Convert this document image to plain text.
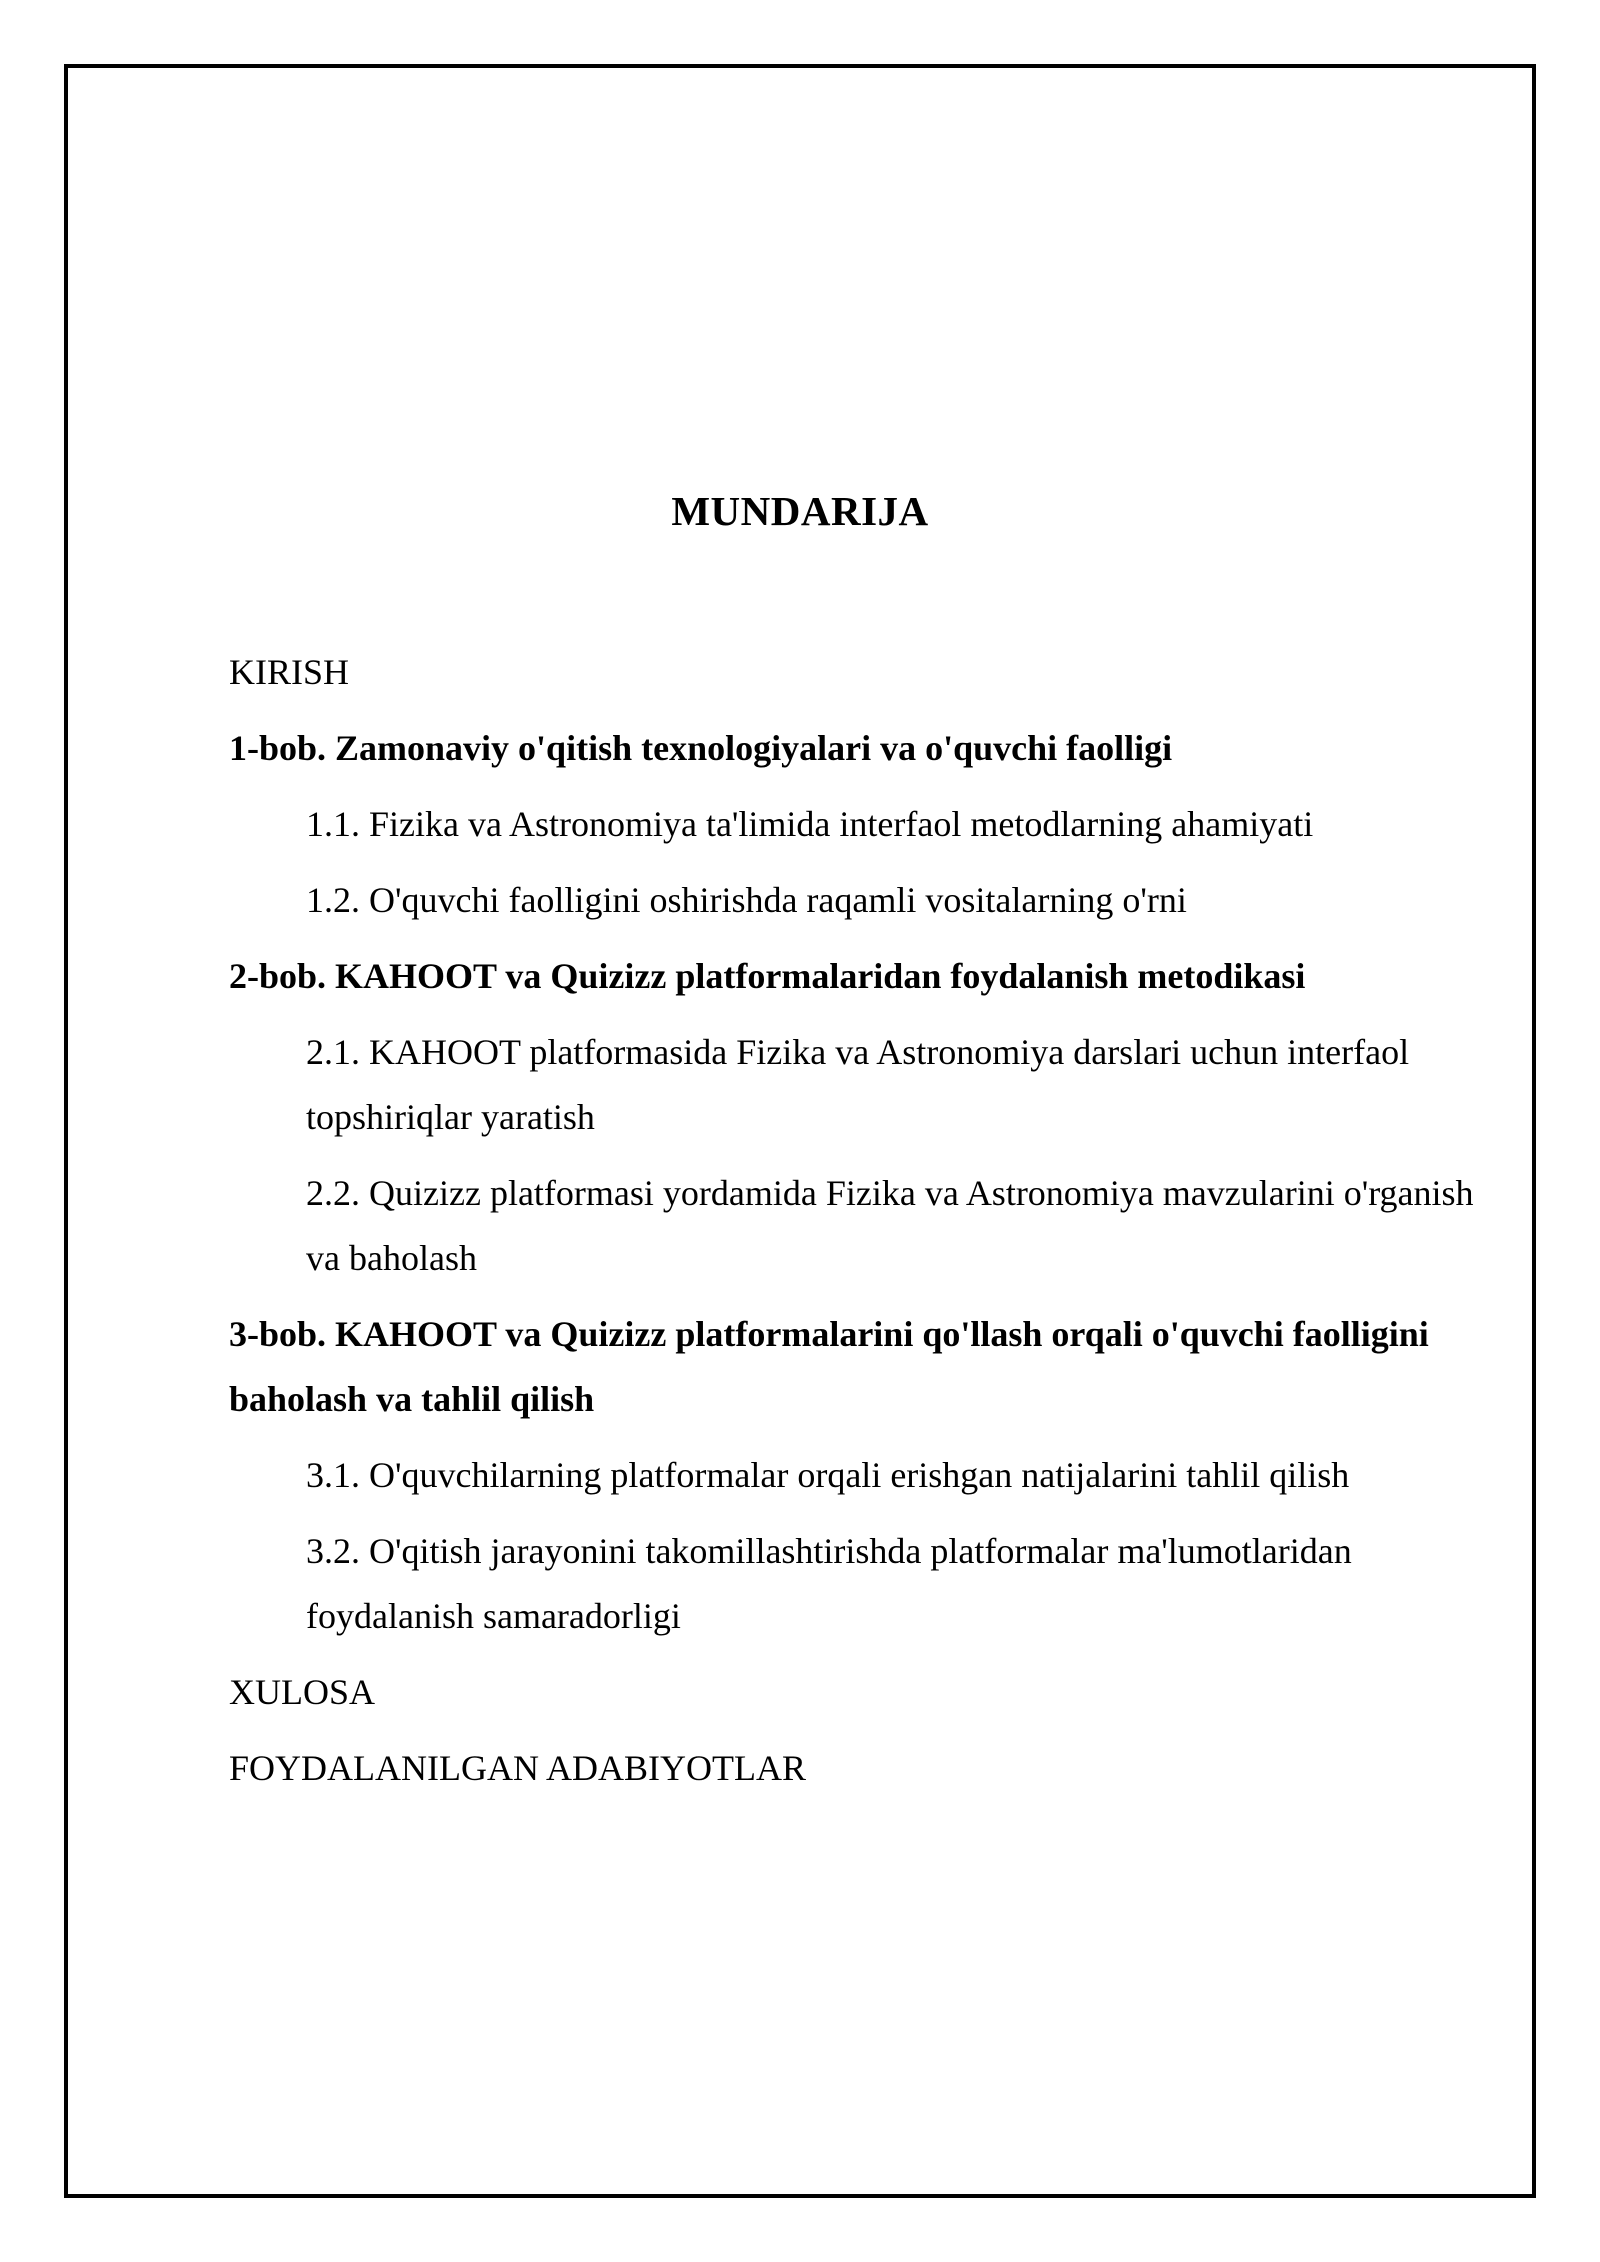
MUNDARIJA
KIRISH
1-bob. Zamonaviy o'qitish texnologiyalari va o'quvchi faolligi
1.1. Fizika va Astronomiya ta'limida interfaol metodlarning ahamiyati
1.2. O'quvchi faolligini oshirishda raqamli vositalarning o'rni
2-bob. KAHOOT va Quizizz platformalaridan foydalanish metodikasi
2.1. KAHOOT platformasida Fizika va Astronomiya darslari uchun interfaol topshiriqlar yaratish
2.2. Quizizz platformasi yordamida Fizika va Astronomiya mavzularini o'rganish va baholash
3-bob. KAHOOT va Quizizz platformalarini qo'llash orqali o'quvchi faolligini baholash va tahlil qilish
3.1. O'quvchilarning platformalar orqali erishgan natijalarini tahlil qilish
3.2. O'qitish jarayonini takomillashtirishda platformalar ma'lumotlaridan foydalanish samaradorligi
XULOSA
FOYDALANILGAN ADABIYOTLAR
